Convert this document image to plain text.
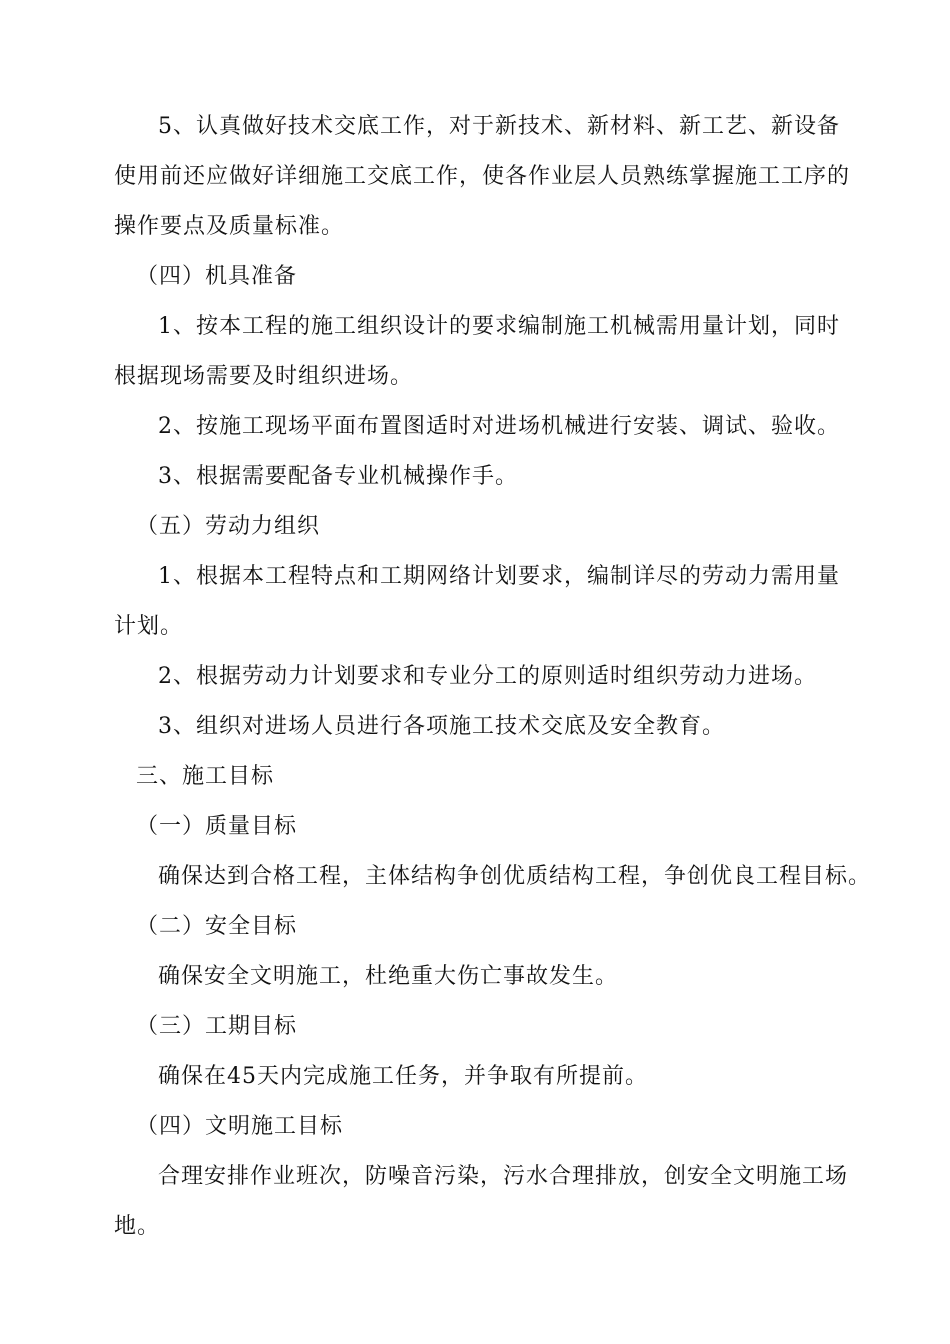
5、认真做好技术交底工作，对于新技术、新材料、新工艺、新设备
使用前还应做好详细施工交底工作，使各作业层人员熟练掌握施工工序的
操作要点及质量标准。
（四）机具准备
1、按本工程的施工组织设计的要求编制施工机械需用量计划，同时
根据现场需要及时组织进场。
2、按施工现场平面布置图适时对进场机械进行安装、调试、验收。
3、根据需要配备专业机械操作手。
（五）劳动力组织
1、根据本工程特点和工期网络计划要求，编制详尽的劳动力需用量
计划。
2、根据劳动力计划要求和专业分工的原则适时组织劳动力进场。
3、组织对进场人员进行各项施工技术交底及安全教育。
三、施工目标
（一）质量目标
确保达到合格工程，主体结构争创优质结构工程，争创优良工程目标。
（二）安全目标
确保安全文明施工，杜绝重大伤亡事故发生。
（三）工期目标
确保在45天内完成施工任务，并争取有所提前。
（四）文明施工目标
合理安排作业班次，防噪音污染，污水合理排放，创安全文明施工场
地。
